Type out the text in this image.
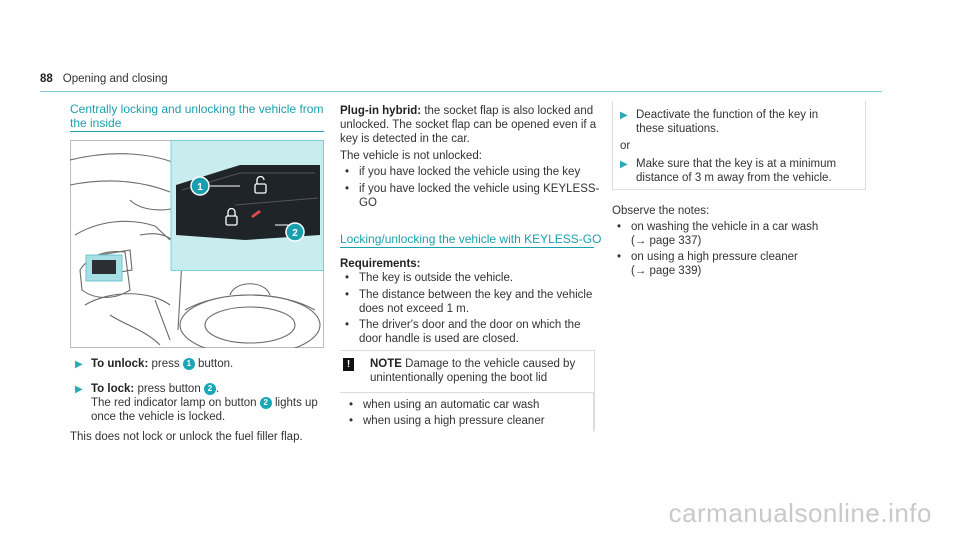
88 Opening and closing
Centrally locking and unlocking the vehicle from
the inside
1
2
▶ To unlock: press 1 button.
▶ To lock: press button 2 .
The red indicator lamp on button 2 lights up
once the vehicle is locked.
This does not lock or unlock the fuel filler flap.
Plug-in hybrid: the socket flap is also locked and
unlocked. The socket flap can be opened even if a
key is detected in the car.
The vehicle is not unlocked:
• if you have locked the vehicle using the key
• if you have locked the vehicle using KEYLESS-
GO
Locking/unlocking the vehicle with KEYLESS-GO
Requirements:
• The key is outside the vehicle.
• The distance between the key and the vehicle
does not exceed 1 m.
• The driver's door and the door on which the
door handle is used are closed.
!	NOTE Damage to the vehicle caused by
unintentionally opening the boot lid
• when using an automatic car wash
• when using a high pressure cleaner
▶ Deactivate the function of the key in
these situations.
or
▶ Make sure that the key is at a minimum
distance of 3 m away from the vehicle.
Observe the notes:
• on washing the vehicle in a car wash
(→ page 337)
• on using a high pressure cleaner
(→ page 339)
carmanualsonline.info
